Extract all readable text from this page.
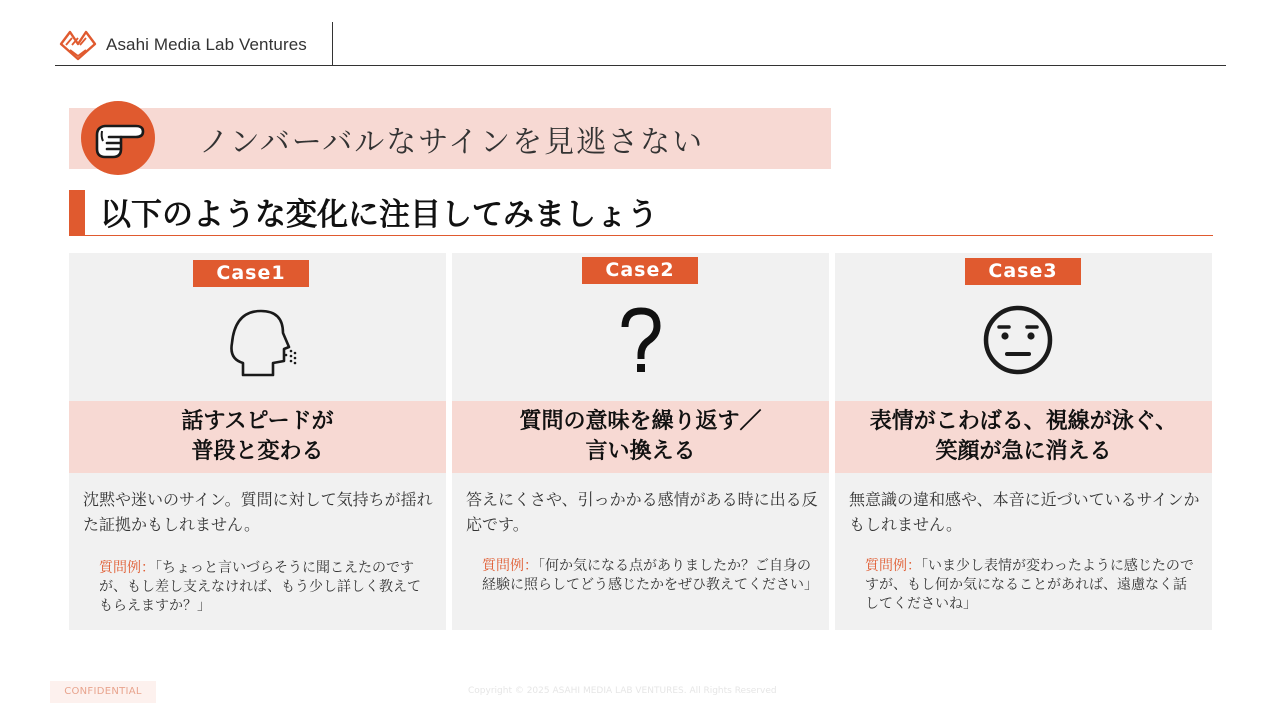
Asahi Media Lab Ventures
ノンバーバルなサインを見逃さない
以下のような変化に注目してみましょう
Case1
話すスピードが
普段と変わる
沈黙や迷いのサイン。質問に対して気持ちが揺れた証拠かもしれません。
質問例：「ちょっと言いづらそうに聞こえたのですが、もし差し支えなければ、もう少し詳しく教えてもらえますか？」
Case2
質問の意味を繰り返す／
言い換える
答えにくさや、引っかかる感情がある時に出る反応です。
質問例：「何か気になる点がありましたか？ご自身の経験に照らしてどう感じたかをぜひ教えてください」
Case3
表情がこわばる、視線が泳ぐ、
笑顔が急に消える
無意識の違和感や、本音に近づいているサインかもしれません。
質問例：「いま少し表情が変わったように感じたのですが、もし何か気になることがあれば、遠慮なく話してくださいね」
CONFIDENTIAL	Copyright © 2025 ASAHI MEDIA LAB VENTURES. All Rights Reserved
